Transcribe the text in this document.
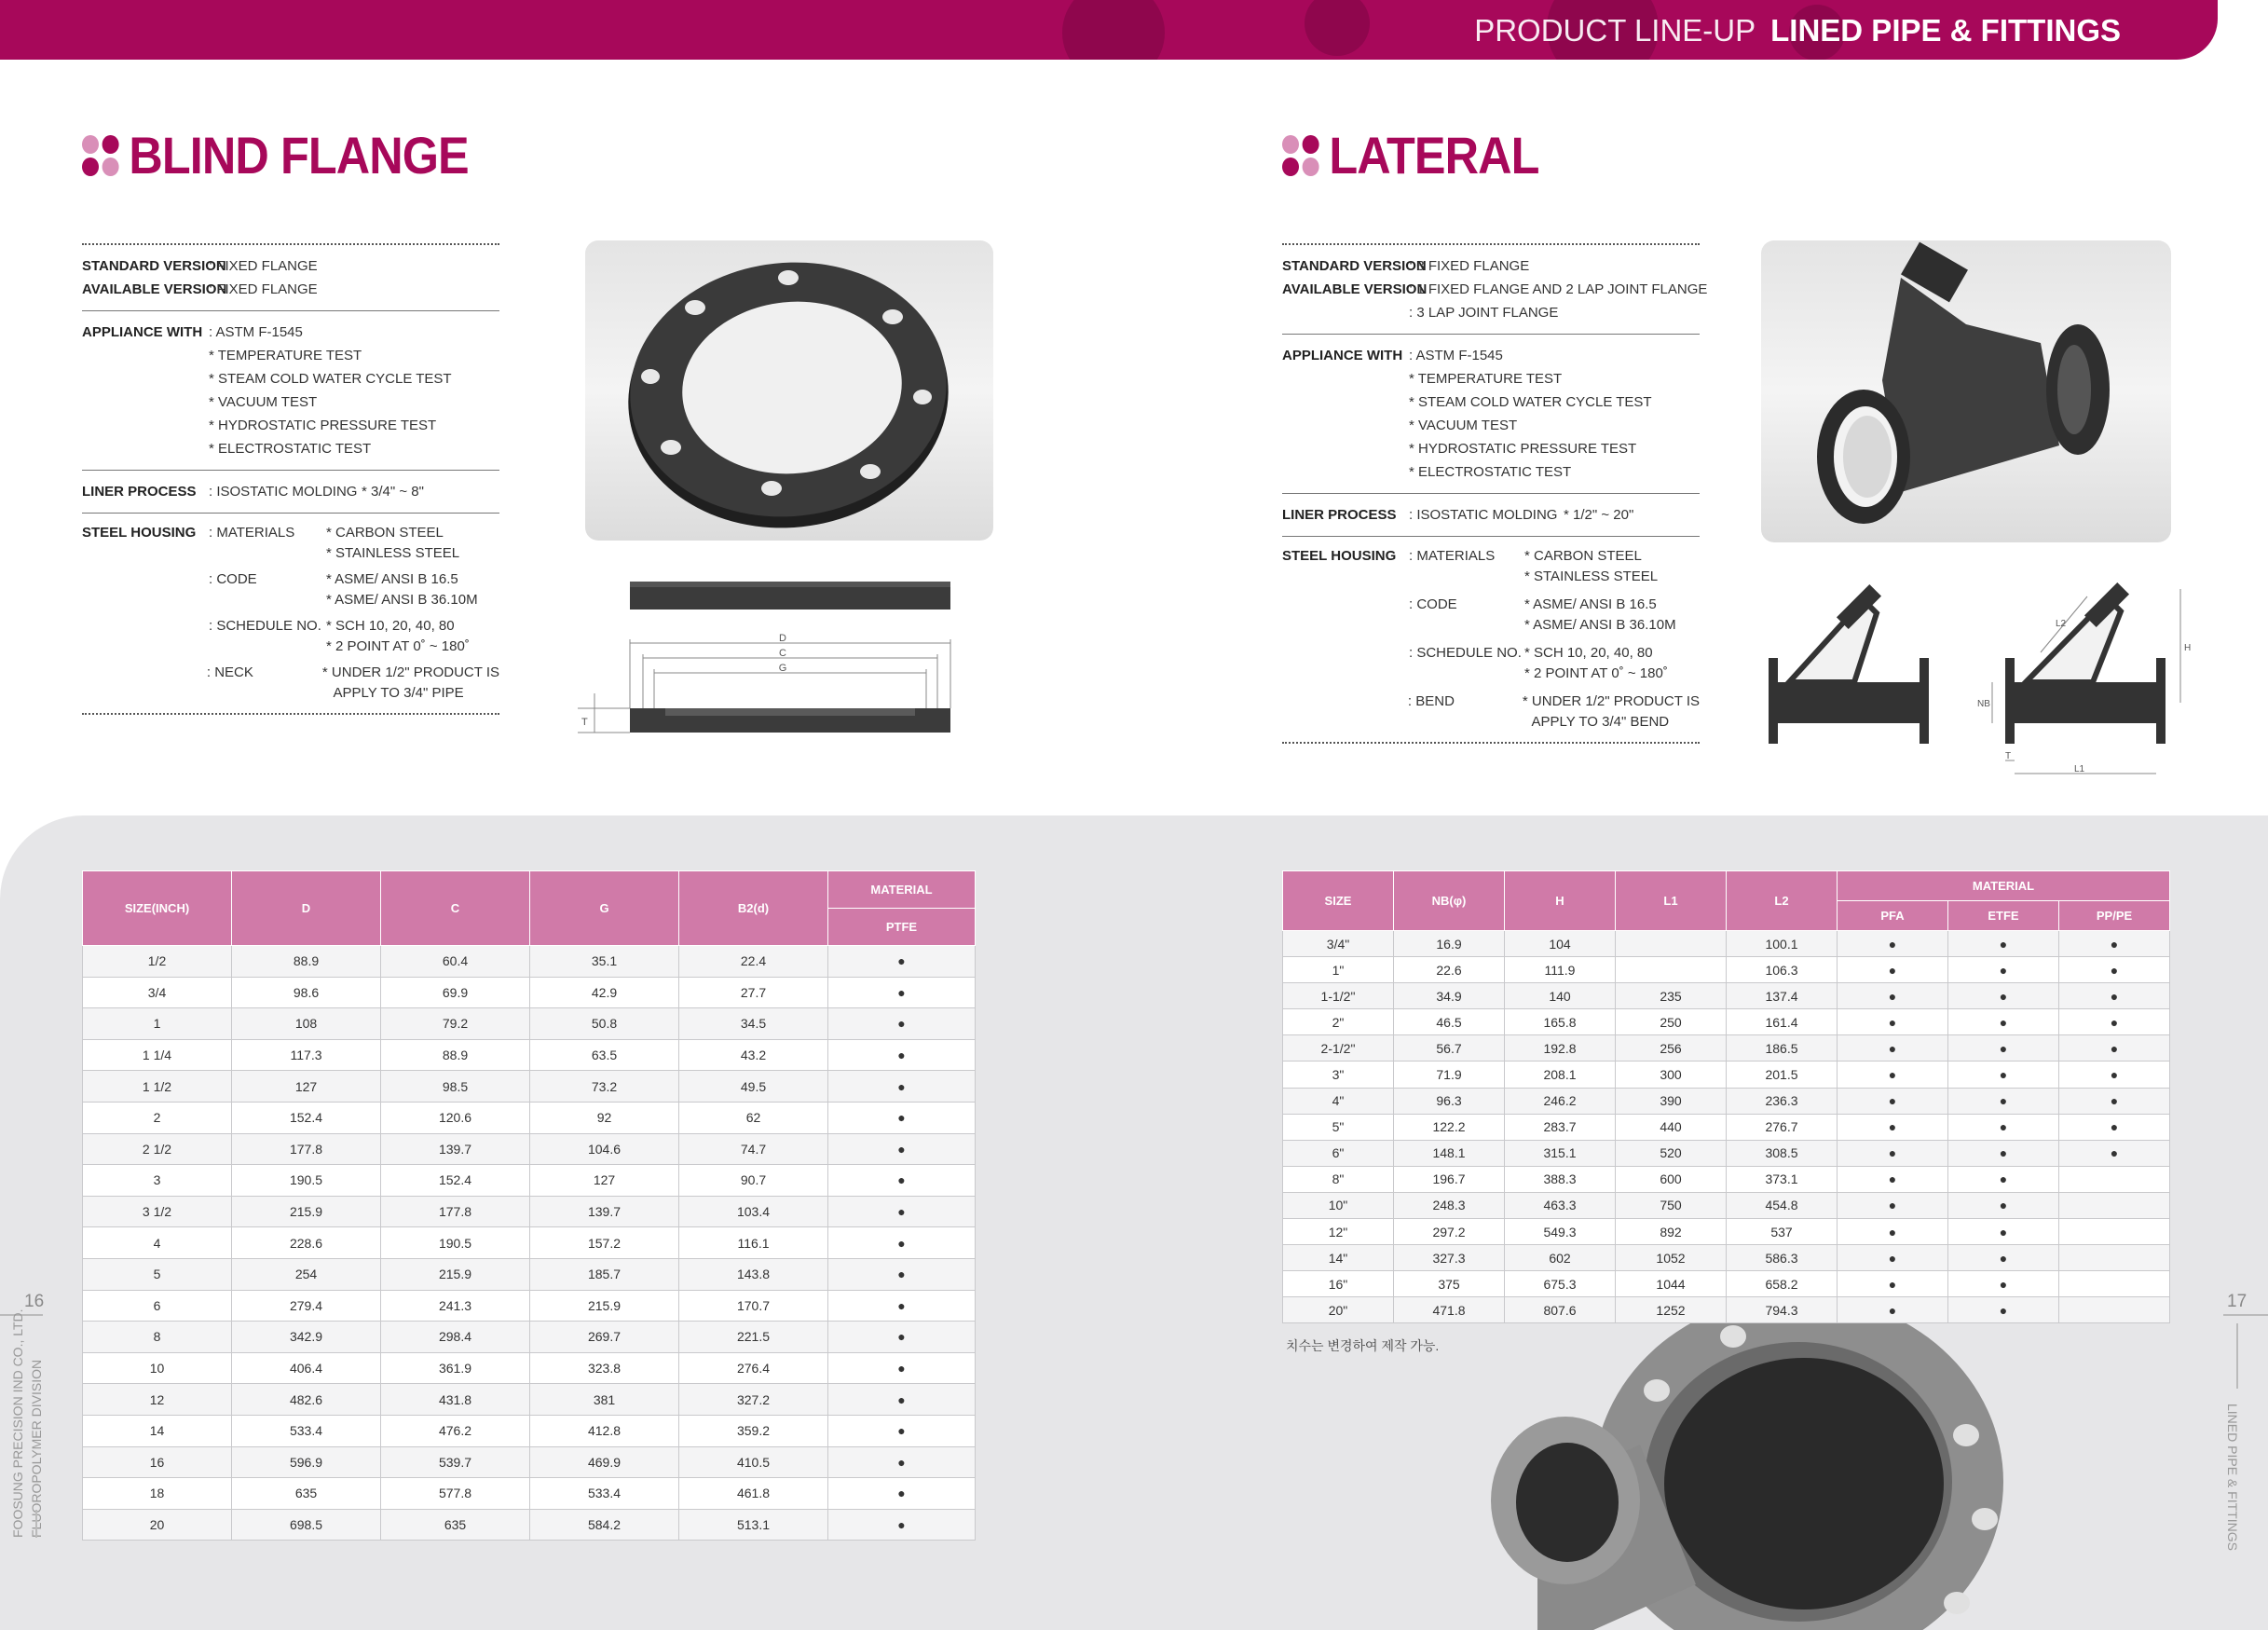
PRODUCT LINE-UP LINED PIPE & FITTINGS
BLIND FLANGE
STANDARD VERSION
: FIXED FLANGE
AVAILABLE VERSION
: FIXED FLANGE
APPLIANCE WITH : ASTM F-1545
* TEMPERATURE TEST
* STEAM COLD WATER CYCLE TEST
* VACUUM TEST
* HYDROSTATIC PRESSURE TEST
* ELECTROSTATIC TEST
LINER PROCESS : ISOSTATIC MOLDING * 3/4" ~ 8"
STEEL HOUSING : MATERIALS	* CARBON STEEL
* STAINLESS STEEL
: CODE	* ASME/ ANSI B 16.5
* ASME/ ANSI B 36.10M
: SCHEDULE NO. * SCH 10, 20, 40, 80
* 2 POINT AT 0˚ ~ 180˚
: NECK	* UNDER 1/2" PRODUCT IS
APPLY TO 3/4" PIPE
D
C
G
T
LATERAL
STANDARD VERSION
: 3 FIXED FLANGE
AVAILABLE VERSION
: 1 FIXED FLANGE AND 2 LAP JOINT FLANGE
: 3 LAP JOINT FLANGE
APPLIANCE WITH : ASTM F-1545
* TEMPERATURE TEST
* STEAM COLD WATER CYCLE TEST
* VACUUM TEST
* HYDROSTATIC PRESSURE TEST
* ELECTROSTATIC TEST
LINER PROCESS : ISOSTATIC MOLDING * 1/2" ~ 20"
STEEL HOUSING : MATERIALS	* CARBON STEEL
* STAINLESS STEEL
: CODE	* ASME/ ANSI B 16.5
* ASME/ ANSI B 36.10M
: SCHEDULE NO. * SCH 10, 20, 40, 80
* 2 POINT AT 0˚ ~ 180˚
: BEND	* UNDER 1/2" PRODUCT IS
APPLY TO 3/4" BEND
L2
H
NB
T
L1
SIZE(INCH)	D	C	G	B2(d)	MATERIAL
					PTFE
1/2	88.9	60.4	35.1	22.4	●
3/4	98.6	69.9	42.9	27.7	●
1	108	79.2	50.8	34.5	●
1 1/4	117.3	88.9	63.5	43.2	●
1 1/2	127	98.5	73.2	49.5	●
2	152.4	120.6	92	62	●
2 1/2	177.8	139.7	104.6	74.7	●
3	190.5	152.4	127	90.7	●
3 1/2	215.9	177.8	139.7	103.4	●
4	228.6	190.5	157.2	116.1	●
5	254	215.9	185.7	143.8	●
6	279.4	241.3	215.9	170.7	●
8	342.9	298.4	269.7	221.5	●
10	406.4	361.9	323.8	276.4	●
12	482.6	431.8	381	327.2	●
14	533.4	476.2	412.8	359.2	●
16	596.9	539.7	469.9	410.5	●
18	635	577.8	533.4	461.8	●
20	698.5	635	584.2	513.1	●
SIZE	NB(φ)	H	L1	L2	MATERIAL		
					PFA	ETFE	PP/PE
3/4"	16.9	104		100.1	●	●	●
1"	22.6	111.9		106.3	●	●	●
1-1/2"	34.9	140	235	137.4	●	●	●
2"	46.5	165.8	250	161.4	●	●	●
2-1/2"	56.7	192.8	256	186.5	●	●	●
3"	71.9	208.1	300	201.5	●	●	●
4"	96.3	246.2	390	236.3	●	●	●
5"	122.2	283.7	440	276.7	●	●	●
6"	148.1	315.1	520	308.5	●	●	●
8"	196.7	388.3	600	373.1	●	●	
10"	248.3	463.3	750	454.8	●	●	
12"	297.2	549.3	892	537	●	●	
14"	327.3	602	1052	586.3	●	●	
16"	375	675.3	1044	658.2	●	●	
20"	471.8	807.6	1252	794.3	●	●	
치수는 변경하여 제작 가능.
16	17
FOOSUNG PRECISION IND CO., LTD. FLUOROPOLYMER DIVISION	LINED PIPE & FITTINGS
